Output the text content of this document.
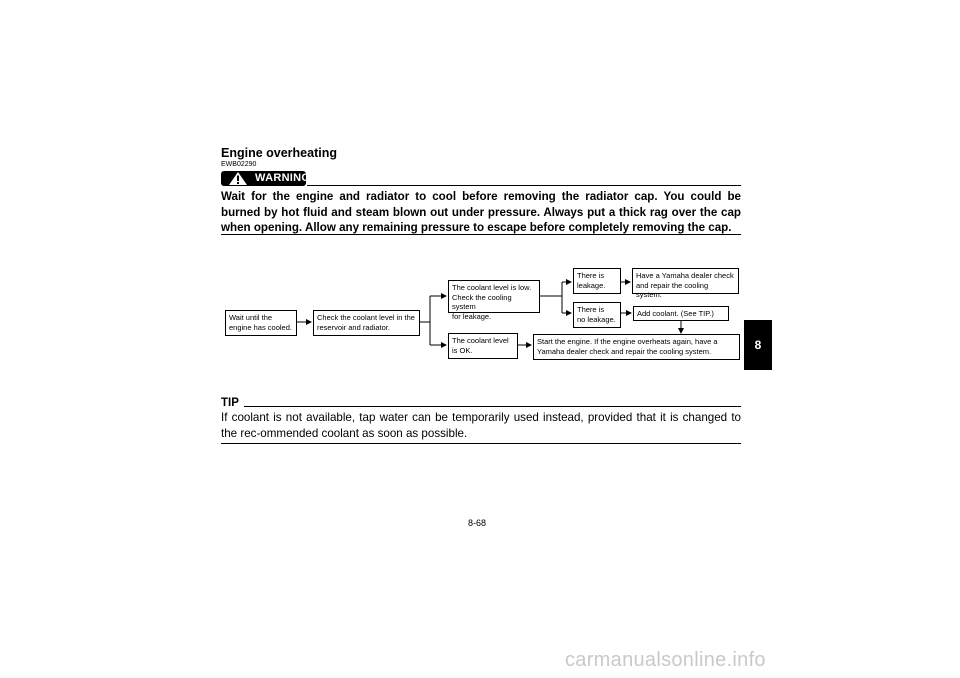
Engine overheating
EWB02290
WARNING
Wait for the engine and radiator to cool before removing the radiator cap. You could be burned by hot fluid and steam blown out under pressure. Always put a thick rag over the cap when opening. Allow any remaining pressure to escape before completely removing the cap.
Wait until the
engine has cooled.
Check the coolant level in the
reservoir and radiator.
The coolant level is low.
Check the cooling system
for leakage.
The coolant level
is OK.
There is
leakage.
There is
no leakage.
Have a Yamaha dealer check
and repair the cooling system.
Add coolant. (See TIP.)
Start the engine. If the engine overheats again, have a
Yamaha dealer check and repair the cooling system.
TIP
If coolant is not available, tap water can be temporarily used instead, provided that it is changed to the rec-ommended coolant as soon as possible.
8-68
8
carmanualsonline.info
